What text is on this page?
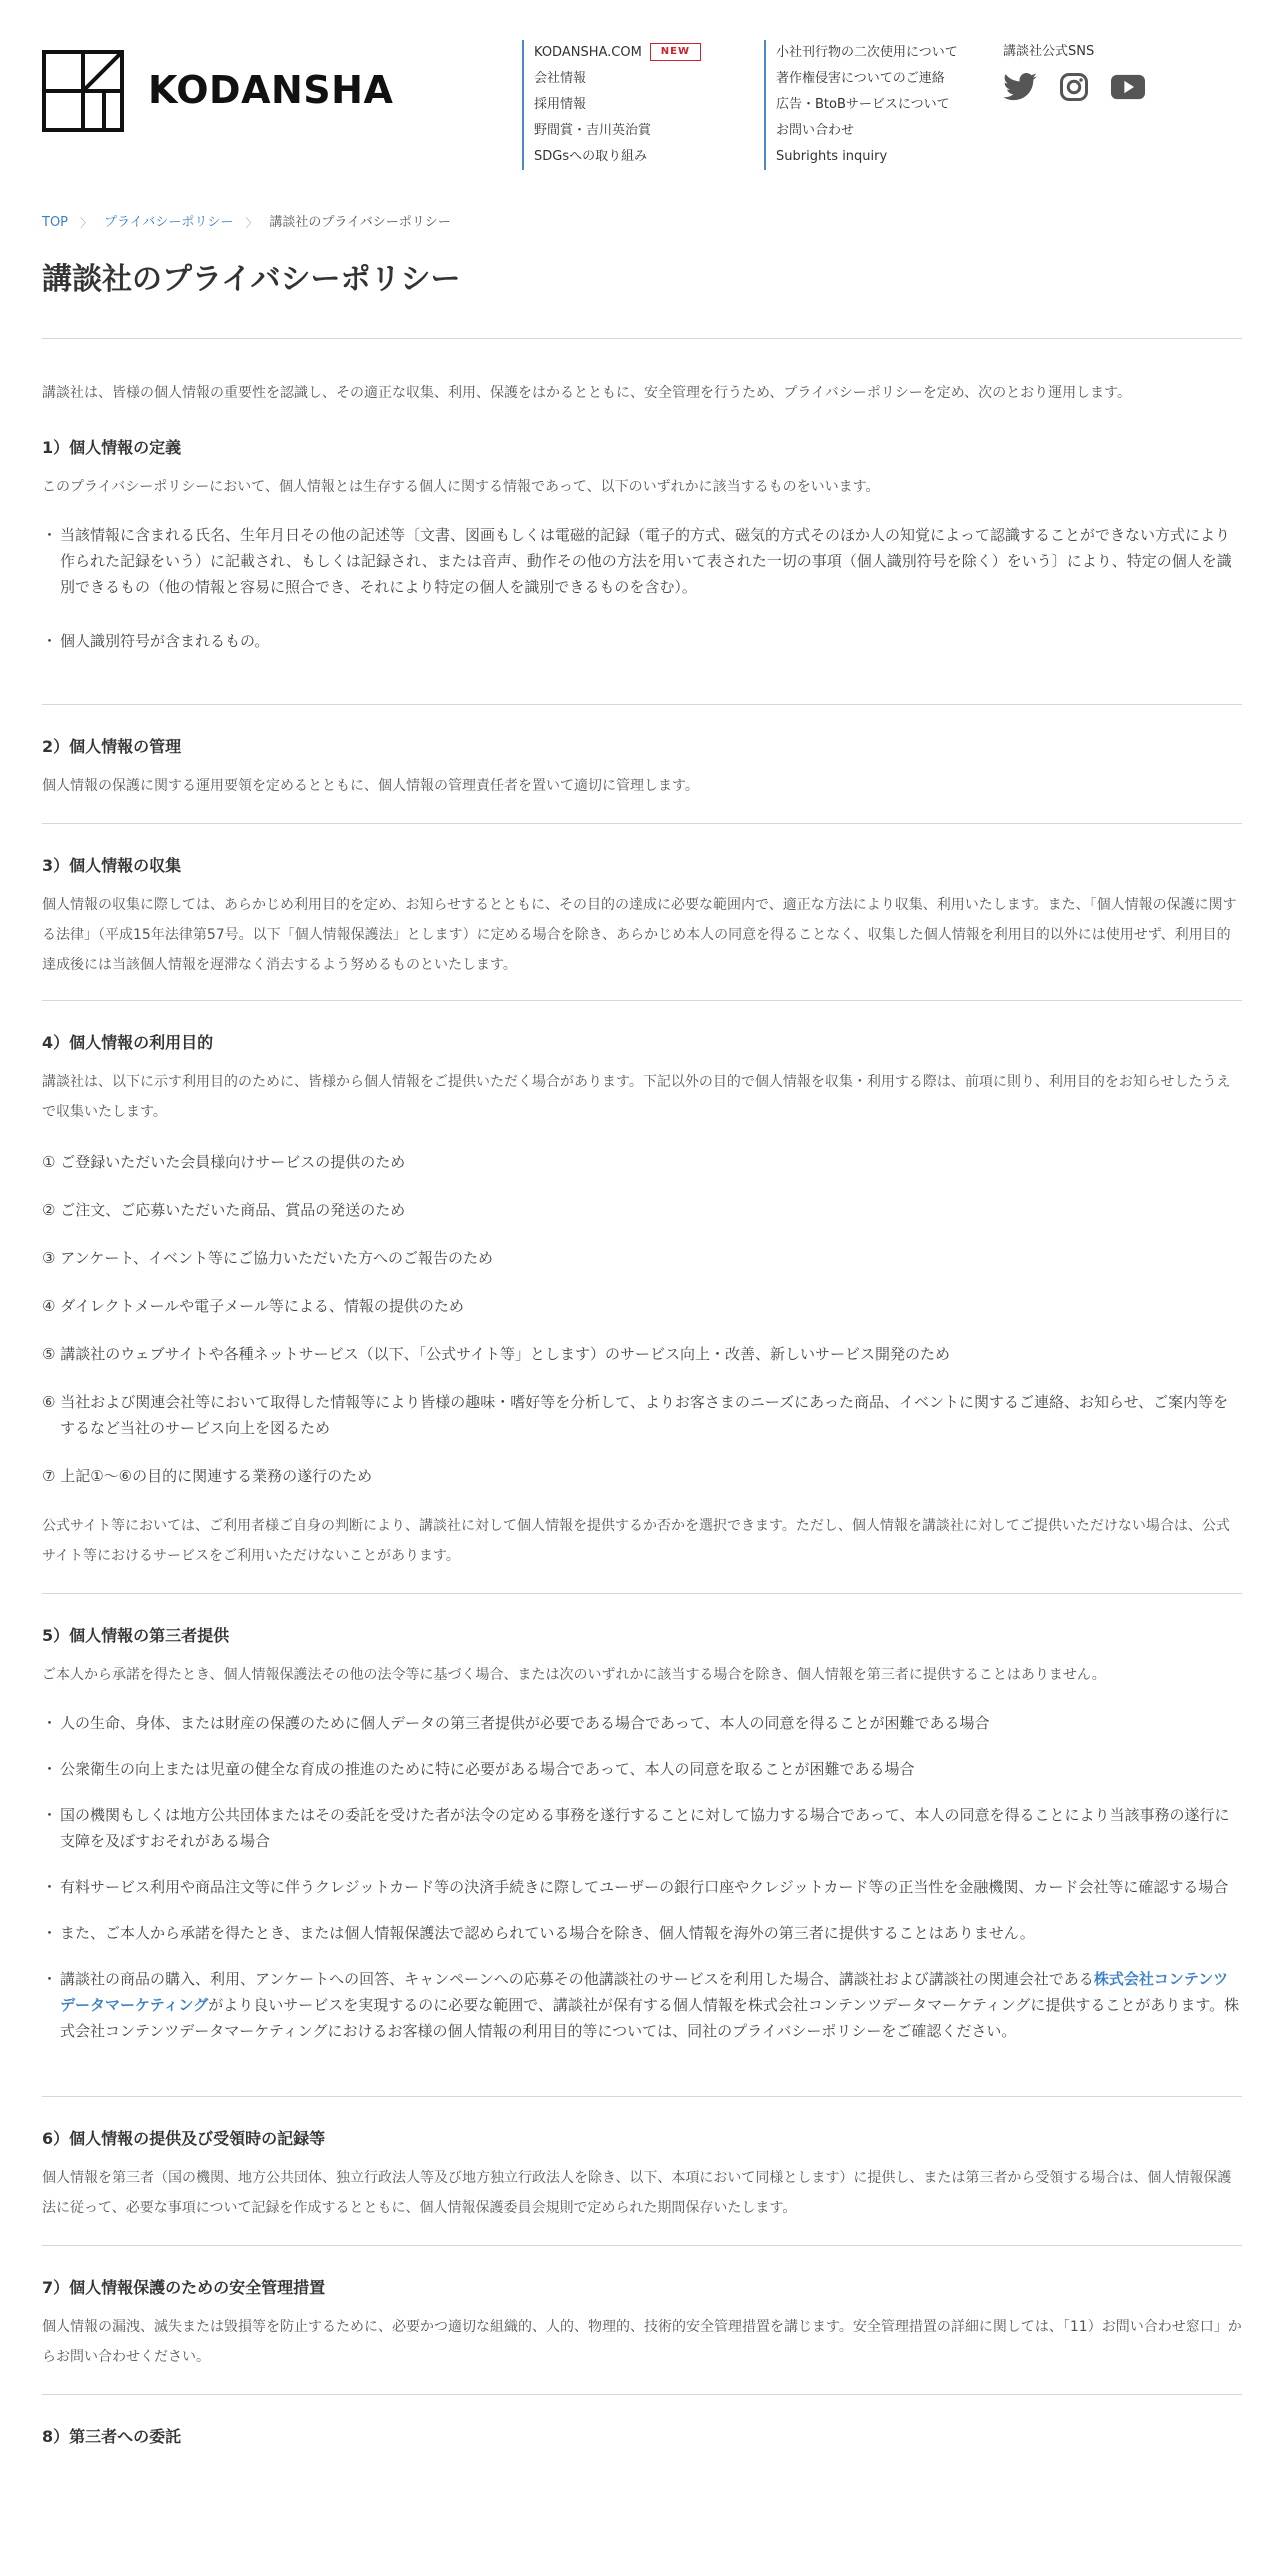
KODANSHA
KODANSHA.COM NEW
会社情報
採用情報
野間賞・吉川英治賞
SDGsへの取り組み
小社刊行物の二次使用について
著作権侵害についてのご連絡
広告・BtoBサービスについて
お問い合わせ
Subrights inquiry
講談社公式SNS
TOP 〉 プライバシーポリシー 〉 講談社のプライバシーポリシー
講談社のプライバシーポリシー

講談社は、皆様の個人情報の重要性を認識し、その適正な収集、利用、保護をはかるとともに、安全管理を行うため、プライバシーポリシーを定め、次のとおり運用します。

1）個人情報の定義

このプライバシーポリシーにおいて、個人情報とは生存する個人に関する情報であって、以下のいずれかに該当するものをいいます。

・ 当該情報に含まれる氏名、生年月日その他の記述等〔文書、図画もしくは電磁的記録（電子的方式、磁気的方式そのほか人の知覚によって認識することができない方式により作られた記録をいう）に記載され、もしくは記録され、または音声、動作その他の方法を用いて表された一切の事項（個人識別符号を除く）をいう〕により、特定の個人を識別できるもの（他の情報と容易に照合でき、それにより特定の個人を識別できるものを含む）。
・ 個人識別符号が含まれるもの。
2）個人情報の管理

個人情報の保護に関する運用要領を定めるとともに、個人情報の管理責任者を置いて適切に管理します。

3）個人情報の収集

個人情報の収集に際しては、あらかじめ利用目的を定め、お知らせするとともに、その目的の達成に必要な範囲内で、適正な方法により収集、利用いたします。また、「個人情報の保護に関する法律」（平成15年法律第57号。以下「個人情報保護法」とします）に定める場合を除き、あらかじめ本人の同意を得ることなく、収集した個人情報を利用目的以外には使用せず、利用目的達成後には当該個人情報を遅滞なく消去するよう努めるものといたします。

4）個人情報の利用目的

講談社は、以下に示す利用目的のために、皆様から個人情報をご提供いただく場合があります。下記以外の目的で個人情報を収集・利用する際は、前項に則り、利用目的をお知らせしたうえで収集いたします。

① ご登録いただいた会員様向けサービスの提供のため
② ご注文、ご応募いただいた商品、賞品の発送のため
③ アンケート、イベント等にご協力いただいた方へのご報告のため
④ ダイレクトメールや電子メール等による、情報の提供のため
⑤ 講談社のウェブサイトや各種ネットサービス（以下、「公式サイト等」とします）のサービス向上・改善、新しいサービス開発のため
⑥ 当社および関連会社等において取得した情報等により皆様の趣味・嗜好等を分析して、よりお客さまのニーズにあった商品、イベントに関するご連絡、お知らせ、ご案内等をするなど当社のサービス向上を図るため
⑦ 上記①～⑥の目的に関連する業務の遂行のため

公式サイト等においては、ご利用者様ご自身の判断により、講談社に対して個人情報を提供するか否かを選択できます。ただし、個人情報を講談社に対してご提供いただけない場合は、公式サイト等におけるサービスをご利用いただけないことがあります。

5）個人情報の第三者提供

ご本人から承諾を得たとき、個人情報保護法その他の法令等に基づく場合、または次のいずれかに該当する場合を除き、個人情報を第三者に提供することはありません。

・ 人の生命、身体、または財産の保護のために個人データの第三者提供が必要である場合であって、本人の同意を得ることが困難である場合
・ 公衆衛生の向上または児童の健全な育成の推進のために特に必要がある場合であって、本人の同意を取ることが困難である場合
・ 国の機関もしくは地方公共団体またはその委託を受けた者が法令の定める事務を遂行することに対して協力する場合であって、本人の同意を得ることにより当該事務の遂行に支障を及ぼすおそれがある場合
・ 有料サービス利用や商品注文等に伴うクレジットカード等の決済手続きに際してユーザーの銀行口座やクレジットカード等の正当性を金融機関、カード会社等に確認する場合
・ また、ご本人から承諾を得たとき、または個人情報保護法で認められている場合を除き、個人情報を海外の第三者に提供することはありません。
・ 講談社の商品の購入、利用、アンケートへの回答、キャンペーンへの応募その他講談社のサービスを利用した場合、講談社および講談社の関連会社である株式会社コンテンツデータマーケティングがより良いサービスを実現するのに必要な範囲で、講談社が保有する個人情報を株式会社コンテンツデータマーケティングに提供することがあります。株式会社コンテンツデータマーケティングにおけるお客様の個人情報の利用目的等については、同社のプライバシーポリシーをご確認ください。
6）個人情報の提供及び受領時の記録等

個人情報を第三者（国の機関、地方公共団体、独立行政法人等及び地方独立行政法人を除き、以下、本項において同様とします）に提供し、または第三者から受領する場合は、個人情報保護法に従って、必要な事項について記録を作成するとともに、個人情報保護委員会規則で定められた期間保存いたします。

7）個人情報保護のための安全管理措置

個人情報の漏洩、滅失または毀損等を防止するために、必要かつ適切な組織的、人的、物理的、技術的安全管理措置を講じます。安全管理措置の詳細に関しては、「11）お問い合わせ窓口」からお問い合わせください。

8）第三者への委託
